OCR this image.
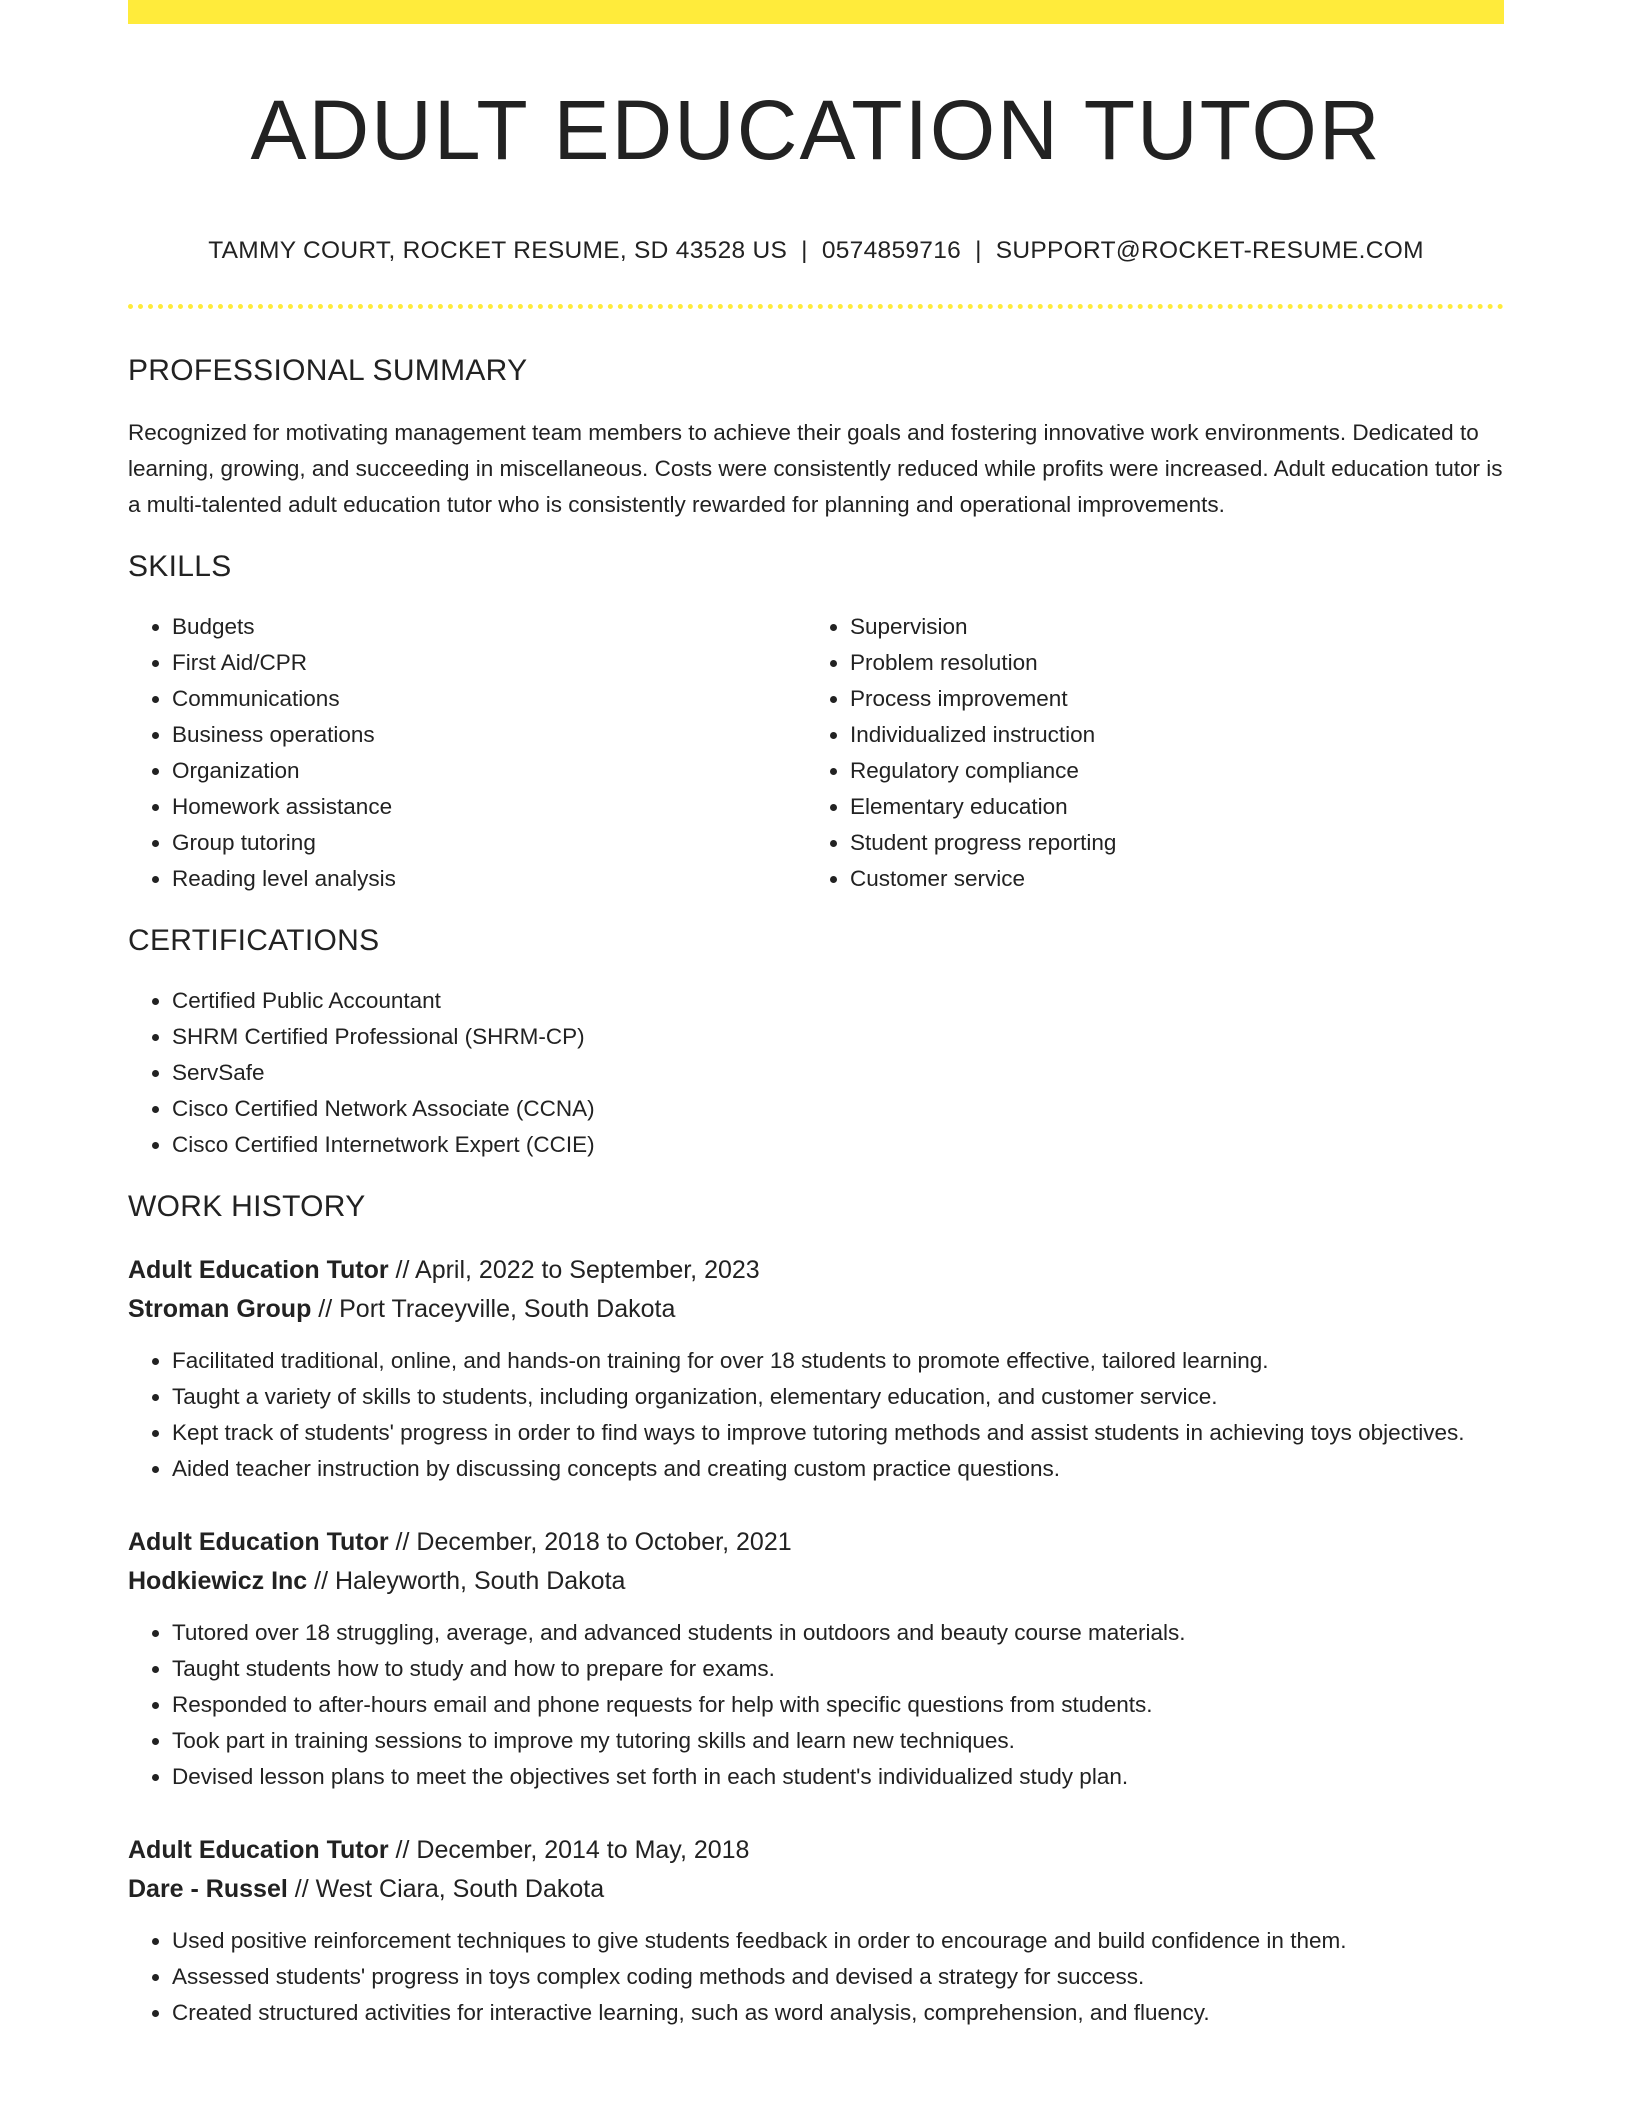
ADULT EDUCATION TUTOR
TAMMY COURT, ROCKET RESUME, SD 43528 US | 0574859716 | SUPPORT@ROCKET-RESUME.COM
PROFESSIONAL SUMMARY

Recognized for motivating management team members to achieve their goals and fostering innovative work environments. Dedicated to learning, growing, and succeeding in miscellaneous. Costs were consistently reduced while profits were increased. Adult education tutor is a multi-talented adult education tutor who is consistently rewarded for planning and operational improvements.

SKILLS
• Budgets
• First Aid/CPR
• Communications
• Business operations
• Organization
• Homework assistance
• Group tutoring
• Reading level analysis
• Supervision
• Problem resolution
• Process improvement
• Individualized instruction
• Regulatory compliance
• Elementary education
• Student progress reporting
• Customer service
CERTIFICATIONS
• Certified Public Accountant
• SHRM Certified Professional (SHRM-CP)
• ServSafe
• Cisco Certified Network Associate (CCNA)
• Cisco Certified Internetwork Expert (CCIE)
WORK HISTORY
Adult Education Tutor // April, 2022 to September, 2023
Stroman Group // Port Traceyville, South Dakota
• Facilitated traditional, online, and hands-on training for over 18 students to promote effective, tailored learning.
• Taught a variety of skills to students, including organization, elementary education, and customer service.
• Kept track of students' progress in order to find ways to improve tutoring methods and assist students in achieving toys objectives.
• Aided teacher instruction by discussing concepts and creating custom practice questions.
Adult Education Tutor // December, 2018 to October, 2021
Hodkiewicz Inc // Haleyworth, South Dakota
• Tutored over 18 struggling, average, and advanced students in outdoors and beauty course materials.
• Taught students how to study and how to prepare for exams.
• Responded to after-hours email and phone requests for help with specific questions from students.
• Took part in training sessions to improve my tutoring skills and learn new techniques.
• Devised lesson plans to meet the objectives set forth in each student's individualized study plan.
Adult Education Tutor // December, 2014 to May, 2018
Dare - Russel // West Ciara, South Dakota
• Used positive reinforcement techniques to give students feedback in order to encourage and build confidence in them.
• Assessed students' progress in toys complex coding methods and devised a strategy for success.
• Created structured activities for interactive learning, such as word analysis, comprehension, and fluency.
